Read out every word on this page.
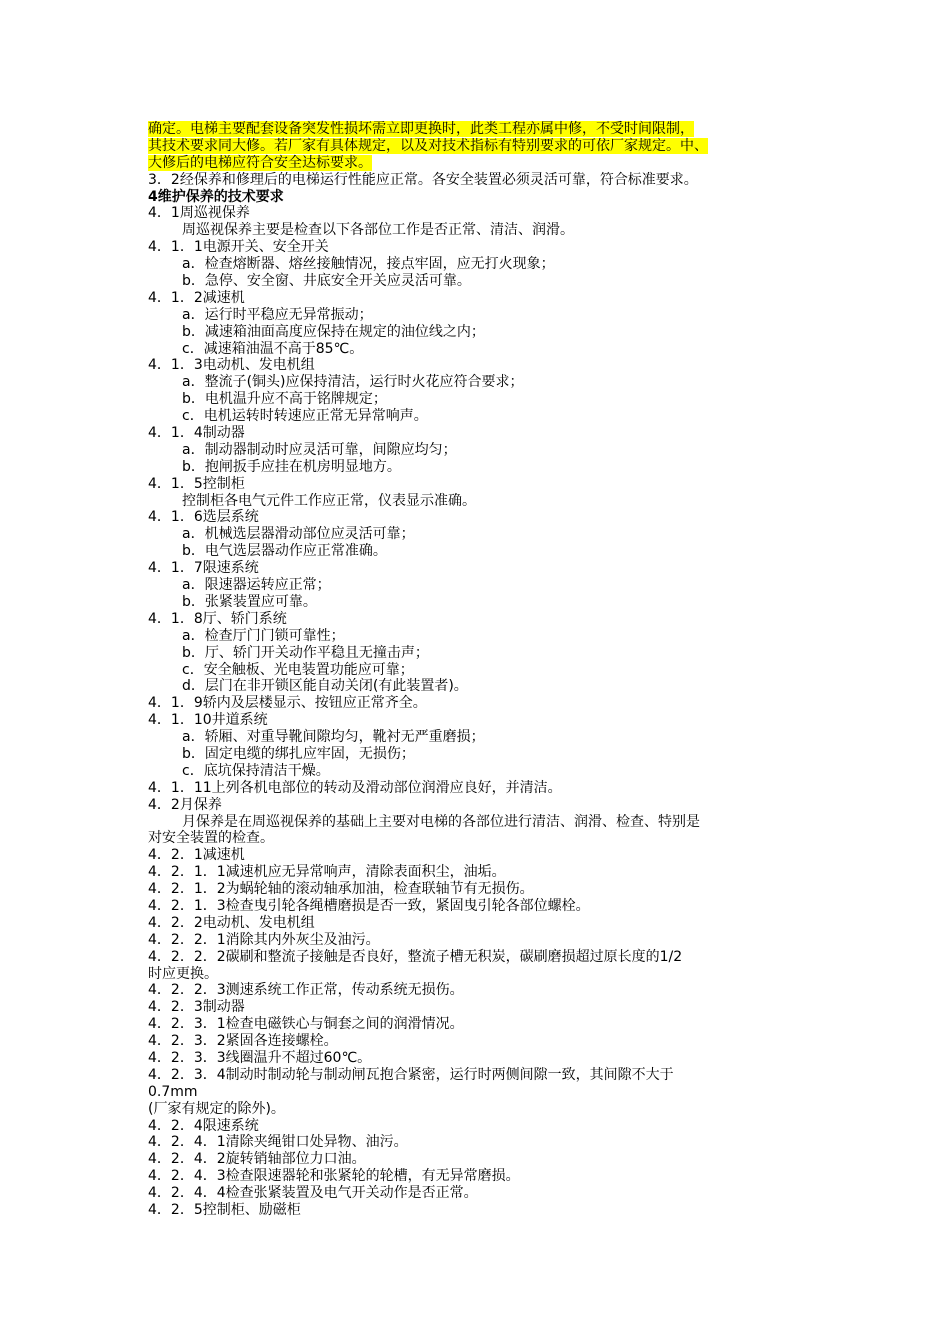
确定。电梯主要配套设备突发性损坏需立即更换时，此类工程亦属中修，不受时间限制，
其技术要求同大修。若厂家有具体规定，以及对技术指标有特别要求的可依厂家规定。中、
大修后的电梯应符合安全达标要求。
3．2经保养和修理后的电梯运行性能应正常。各安全装置必须灵活可靠，符合标准要求。
4维护保养的技术要求
4．1周巡视保养
周巡视保养主要是检查以下各部位工作是否正常、清洁、润滑。
4．1．1电源开关、安全开关
a．检查熔断器、熔丝接触情况，接点牢固，应无打火现象；
b．急停、安全窗、井底安全开关应灵活可靠。
4．1．2减速机
a．运行时平稳应无异常振动；
b．减速箱油面高度应保持在规定的油位线之内；
c．减速箱油温不高于85℃。
4．1．3电动机、发电机组
a．整流子(铜头)应保持清洁，运行时火花应符合要求；
b．电机温升应不高于铭牌规定；
c．电机运转时转速应正常无异常响声。
4．1．4制动器
a．制动器制动时应灵活可靠，间隙应均匀；
b．抱闸扳手应挂在机房明显地方。
4．1．5控制柜
控制柜各电气元件工作应正常，仪表显示准确。
4．1．6选层系统
a．机械选层器滑动部位应灵活可靠；
b．电气选层器动作应正常准确。
4．1．7限速系统
a．限速器运转应正常；
b．张紧装置应可靠。
4．1．8厅、轿门系统
a．检查厅门门锁可靠性；
b．厅、轿门开关动作平稳且无撞击声；
c．安全触板、光电装置功能应可靠；
d．层门在非开锁区能自动关闭(有此装置者)。
4．1．9轿内及层楼显示、按钮应正常齐全。
4．1．10井道系统
a．轿厢、对重导靴间隙均匀，靴衬无严重磨损；
b．固定电缆的绑扎应牢固，无损伤；
c．底坑保持清洁干燥。
4．1．11上列各机电部位的转动及滑动部位润滑应良好，并清洁。
4．2月保养
月保养是在周巡视保养的基础上主要对电梯的各部位进行清洁、润滑、检查、特别是
对安全装置的检查。
4．2．1减速机
4．2．1．1减速机应无异常响声，清除表面积尘，油垢。
4．2．1．2为蜗轮轴的滚动轴承加油，检查联轴节有无损伤。
4．2．1．3检查曳引轮各绳槽磨损是否一致，紧固曳引轮各部位螺栓。
4．2．2电动机、发电机组
4．2．2．1消除其内外灰尘及油污。
4．2．2．2碳刷和整流子接触是否良好，整流子槽无积炭，碳刷磨损超过原长度的1/2
时应更换。
4．2．2．3测速系统工作正常，传动系统无损伤。
4．2．3制动器
4．2．3．1检查电磁铁心与铜套之间的润滑情况。
4．2．3．2紧固各连接螺栓。
4．2．3．3线圈温升不超过60℃。
4．2．3．4制动时制动轮与制动闸瓦抱合紧密，运行时两侧间隙一致，其间隙不大于
0.7mm
(厂家有规定的除外)。
4．2．4限速系统
4．2．4．1清除夹绳钳口处异物、油污。
4．2．4．2旋转销轴部位力口油。
4．2．4．3检查限速器轮和张紧轮的轮槽，有无异常磨损。
4．2．4．4检查张紧装置及电气开关动作是否正常。
4．2．5控制柜、励磁柜
